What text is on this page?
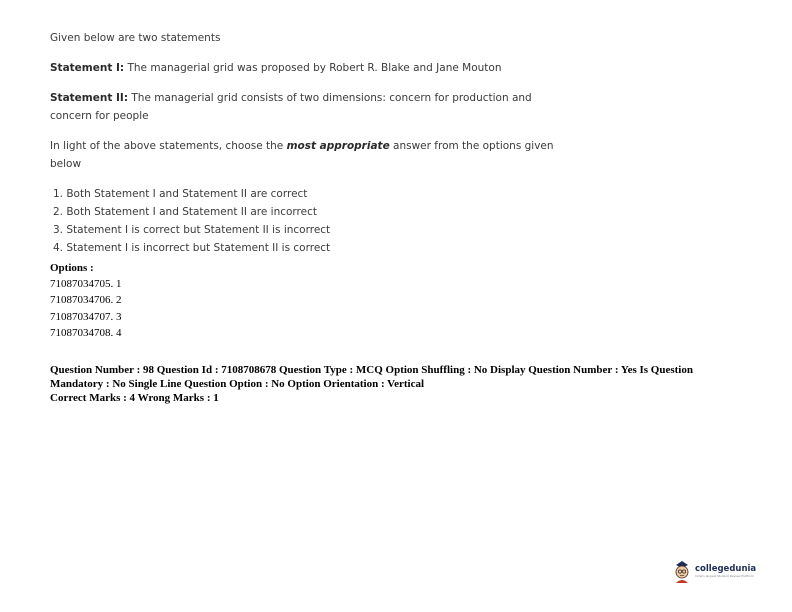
Given below are two statements
Statement I: The managerial grid was proposed by Robert R. Blake and Jane Mouton
Statement II: The managerial grid consists of two dimensions: concern for production and concern for people
In light of the above statements, choose the most appropriate answer from the options given below
1. Both Statement I and Statement II are correct
2. Both Statement I and Statement II are incorrect
3. Statement I is correct but Statement II is incorrect
4. Statement I is incorrect but Statement II is correct
Options :
71087034705. 1
71087034706. 2
71087034707. 3
71087034708. 4
Question Number : 98 Question Id : 7108708678 Question Type : MCQ Option Shuffling : No Display Question Number : Yes Is Question Mandatory : No Single Line Question Option : No Option Orientation : Vertical
Correct Marks : 4 Wrong Marks : 1
collegedunia
India's largest Student Review Platform
